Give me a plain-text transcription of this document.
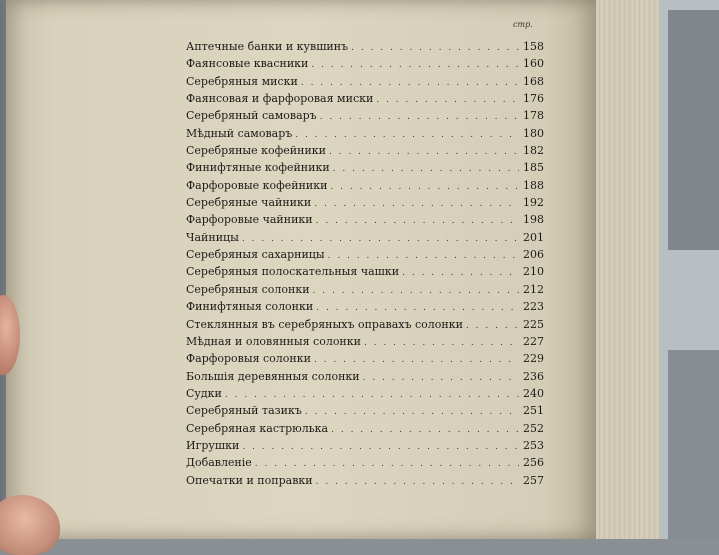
стр.
Аптечные банки и кувшинъ . . .	158
Фаянсовые квасники . . .	160
Серебряныя миски . . .	168
Фаянсовая и фарфоровая миски . . .	176
Серебряный самоваръ . . .	178
Мѣдный самоваръ . . .	180
Серебряные кофейники . . .	182
Финифтяные кофейники . . .	185
Фарфоровые кофейники . . .	188
Серебряные чайники . . .	192
Фарфоровые чайники . . .	198
Чайницы . . .	201
Серебряныя сахарницы . . .	206
Серебряныя полоскательныя чашки . . .	210
Серебряныя солонки . . .	212
Финифтяныя солонки . . .	223
Стеклянныя въ серебряныхъ оправахъ солонки . . .	225
Мѣдная и оловянныя солонки . . .	227
Фарфоровыя солонки . . .	229
Большія деревянныя солонки . . .	236
Судки . . .	240
Серебряный тазикъ . . .	251
Серебряная кастрюлька . . .	252
Игрушки . . .	253
Добавленіе . . .	256
Опечатки и поправки . . .	257
